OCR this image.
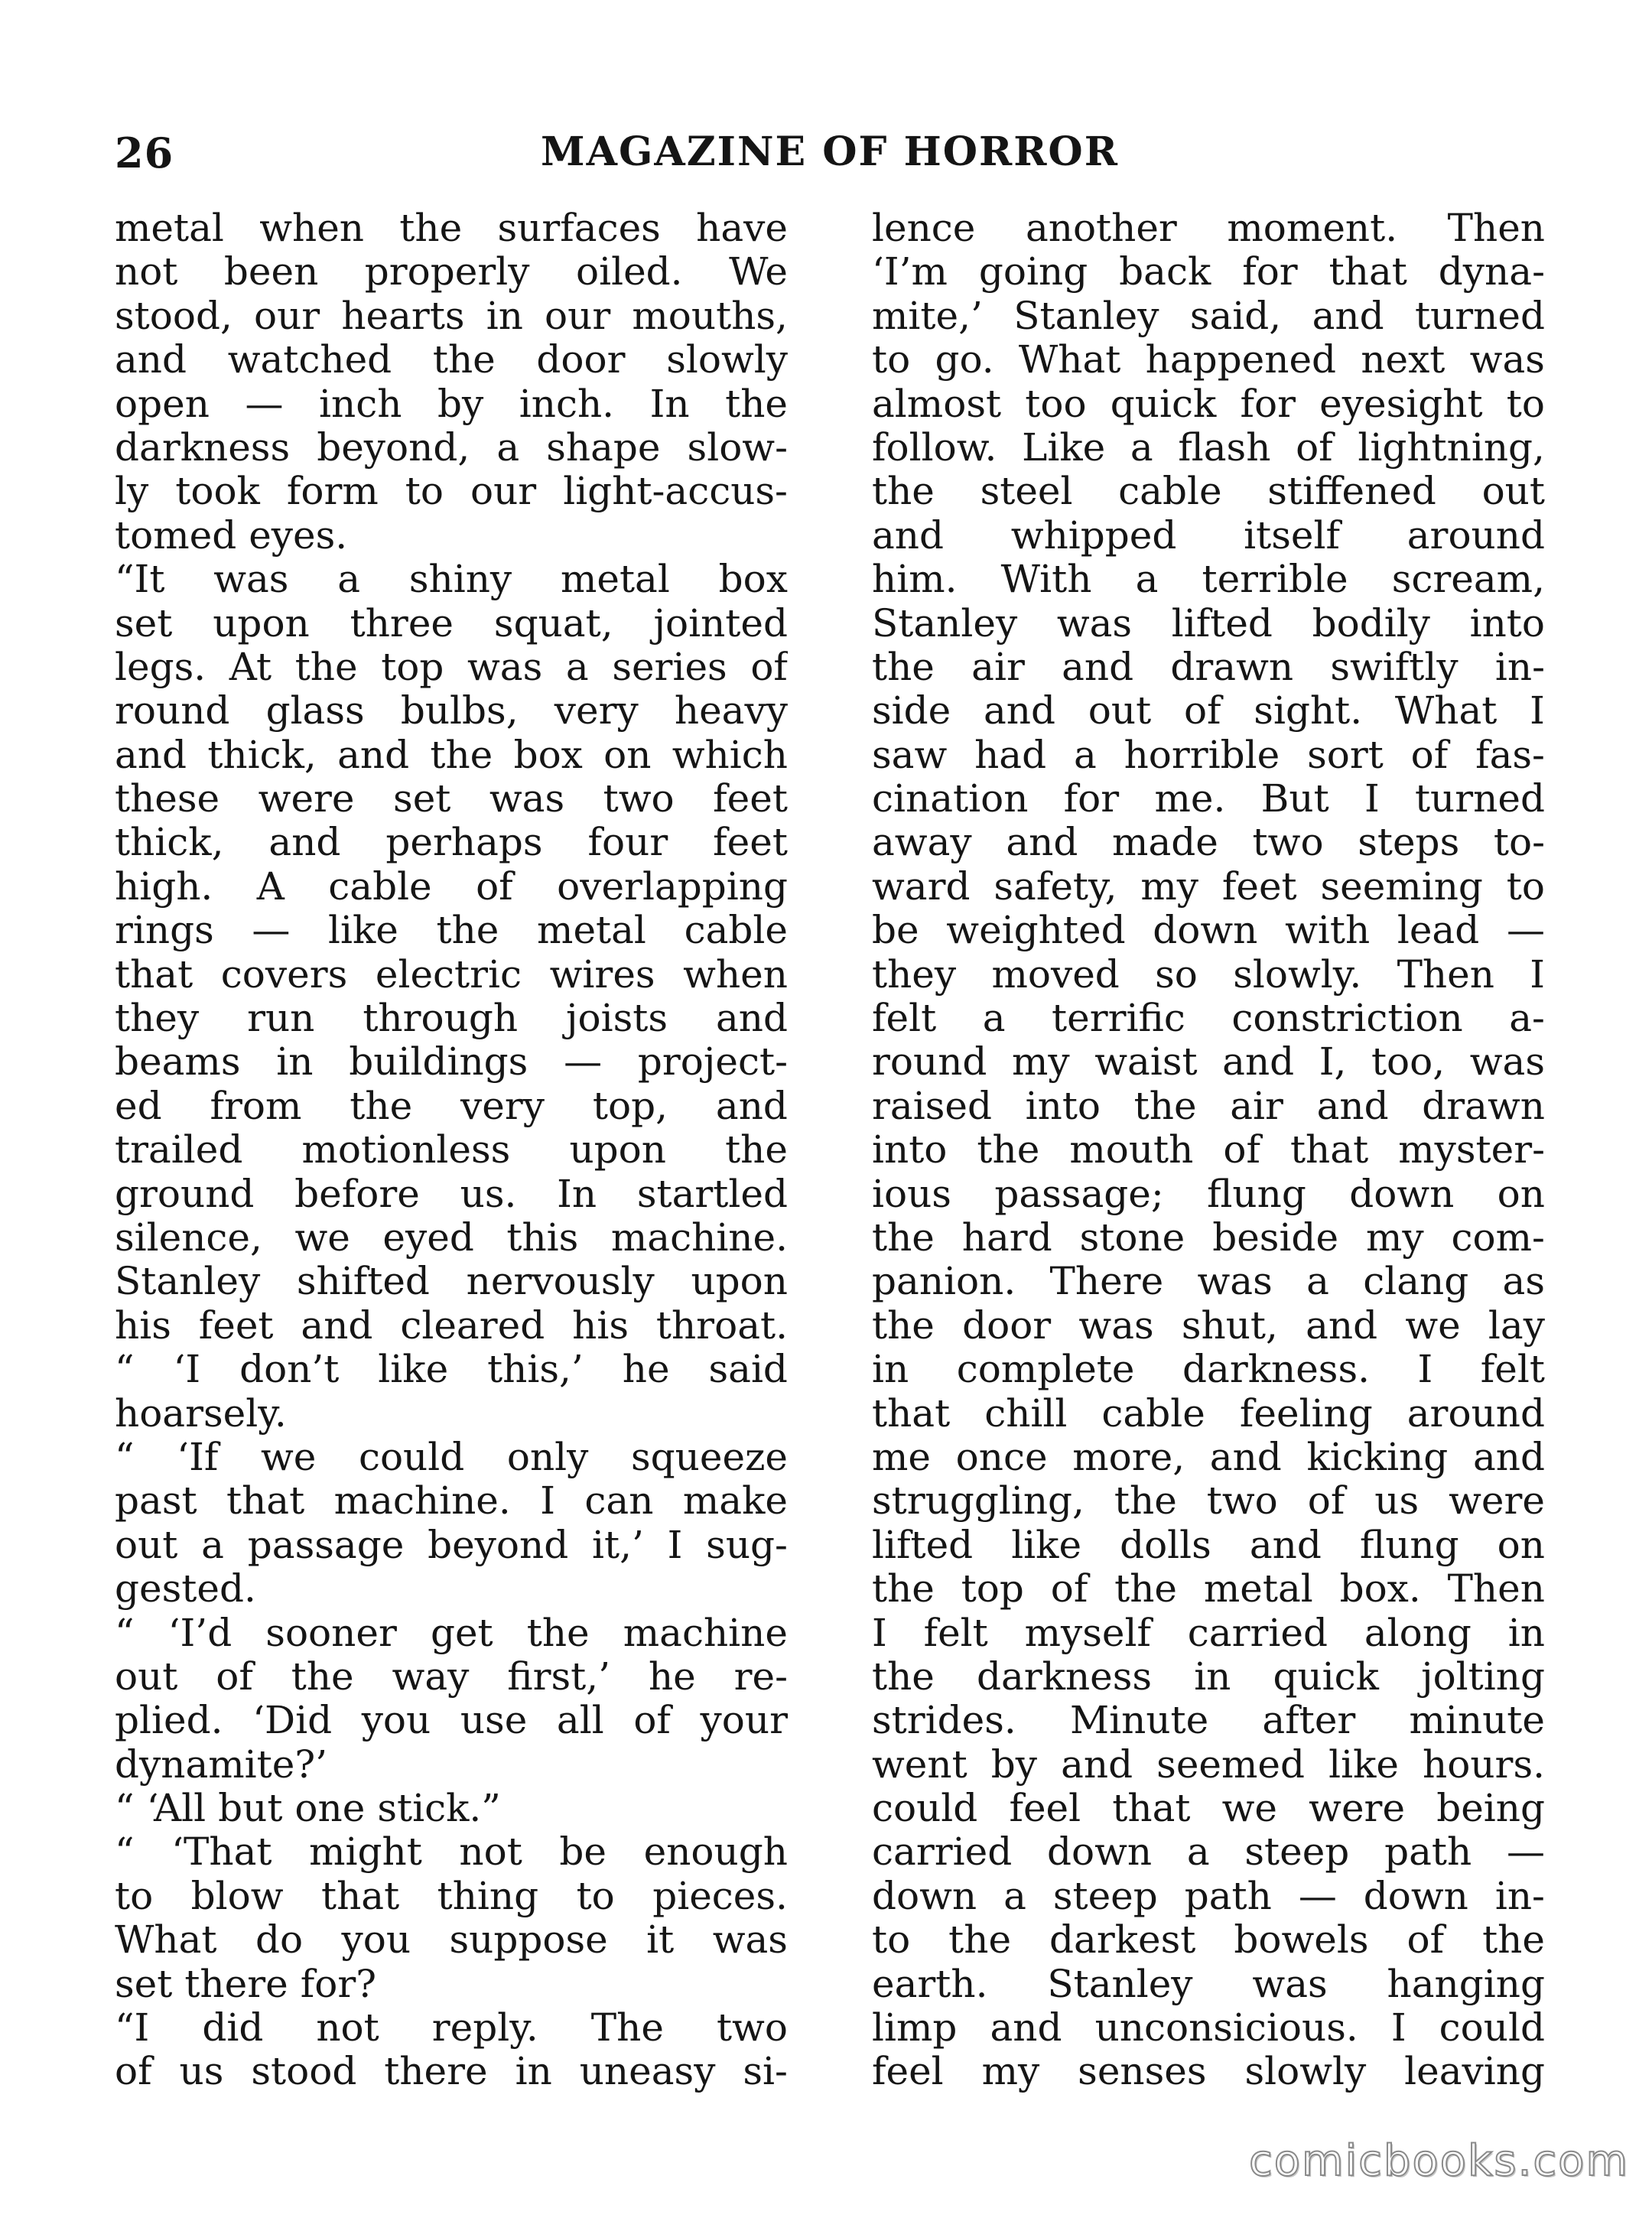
26	MAGAZINE OF HORROR
metal when the surfaces have
not been properly oiled. We
stood, our hearts in our mouths,
and watched the door slowly
open — inch by inch. In the
darkness beyond, a shape slow-
ly took form to our light-accus-
tomed eyes.
“It was a shiny metal box
set upon three squat, jointed
legs. At the top was a series of
round glass bulbs, very heavy
and thick, and the box on which
these were set was two feet
thick, and perhaps four feet
high. A cable of overlapping
rings — like the metal cable
that covers electric wires when
they run through joists and
beams in buildings — project-
ed from the very top, and
trailed motionless upon the
ground before us. In startled
silence, we eyed this machine.
Stanley shifted nervously upon
his feet and cleared his throat.
“ ‘I don’t like this,’ he said
hoarsely.
“ ‘If we could only squeeze
past that machine. I can make
out a passage beyond it,’ I sug-
gested.
“ ‘I’d sooner get the machine
out of the way first,’ he re-
plied. ‘Did you use all of your
dynamite?’
“ ‘All but one stick.”
“ ‘That might not be enough
to blow that thing to pieces.
What do you suppose it was
set there for?
“I did not reply. The two
of us stood there in uneasy si-
lence another moment. Then
‘I’m going back for that dyna-
mite,’ Stanley said, and turned
to go. What happened next was
almost too quick for eyesight to
follow. Like a flash of lightning,
the steel cable stiffened out
and whipped itself around
him. With a terrible scream,
Stanley was lifted bodily into
the air and drawn swiftly in-
side and out of sight. What I
saw had a horrible sort of fas-
cination for me. But I turned
away and made two steps to-
ward safety, my feet seeming to
be weighted down with lead —
they moved so slowly. Then I
felt a terrific constriction a-
round my waist and I, too, was
raised into the air and drawn
into the mouth of that myster-
ious passage; flung down on
the hard stone beside my com-
panion. There was a clang as
the door was shut, and we lay
in complete darkness. I felt
that chill cable feeling around
me once more, and kicking and
struggling, the two of us were
lifted like dolls and flung on
the top of the metal box. Then
I felt myself carried along in
the darkness in quick jolting
strides. Minute after minute
went by and seemed like hours.
could feel that we were being
carried down a steep path —
down a steep path — down in-
to the darkest bowels of the
earth. Stanley was hanging
limp and unconsicious. I could
feel my senses slowly leaving
comicbooks.com
